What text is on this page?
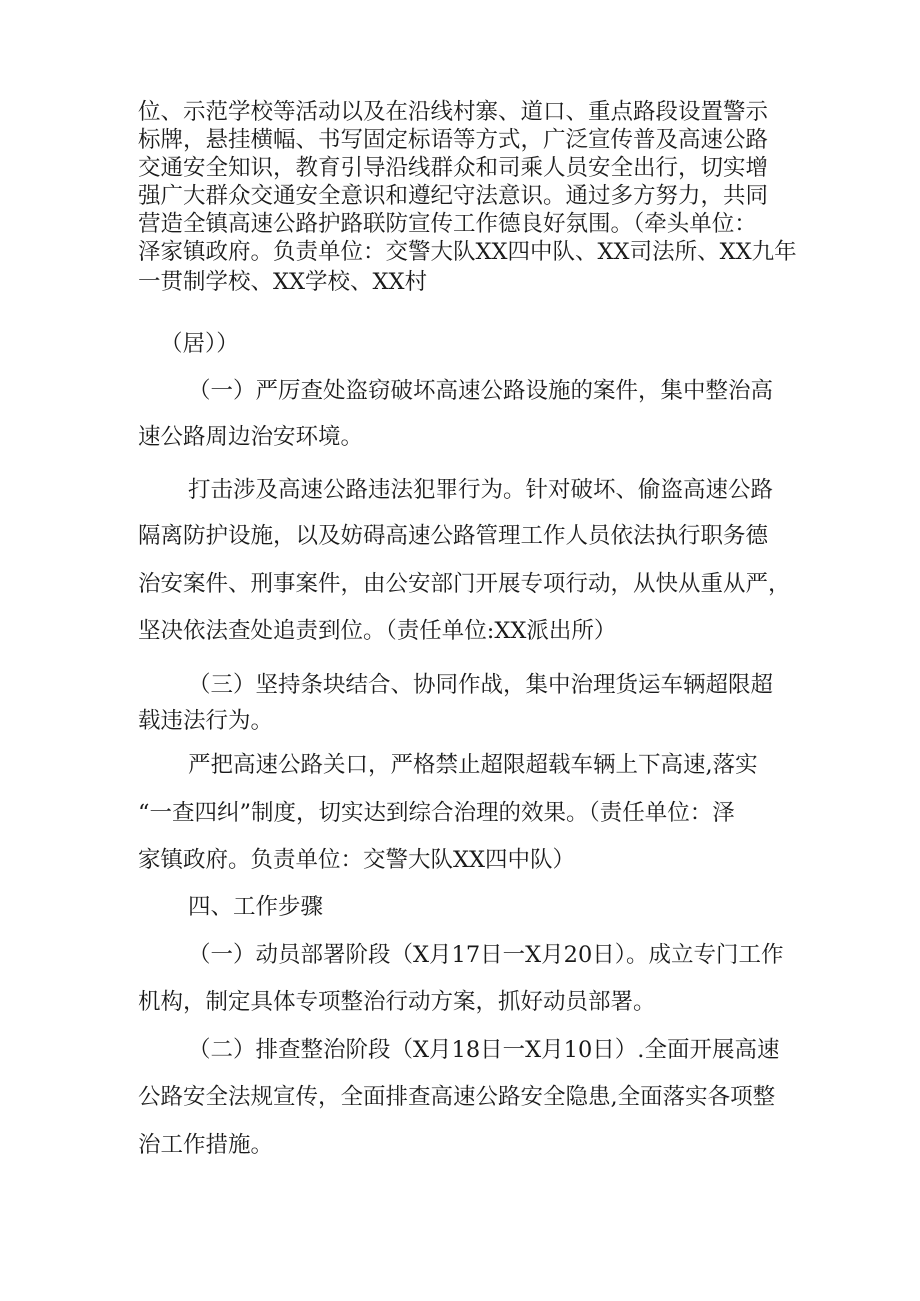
位、示范学校等活动以及在沿线村寨、道口、重点路段设置警示

标牌，悬挂横幅、书写固定标语等方式，广泛宣传普及高速公路

交通安全知识，教育引导沿线群众和司乘人员安全出行，切实增

强广大群众交通安全意识和遵纪守法意识。通过多方努力，共同

营造全镇高速公路护路联防宣传工作德良好氛围。（牵头单位：

泽家镇政府。负责单位：交警大队XX四中队、XX司法所、XX九年

一贯制学校、XX学校、XX村

（居））

（一）严厉查处盗窃破坏高速公路设施的案件，集中整治高

速公路周边治安环境。

打击涉及高速公路违法犯罪行为。针对破坏、偷盗高速公路

隔离防护设施，以及妨碍高速公路管理工作人员依法执行职务德

治安案件、刑事案件，由公安部门开展专项行动，从快从重从严，

坚决依法查处追责到位。（责任单位:XX派出所）

（三）坚持条块结合、协同作战，集中治理货运车辆超限超

载违法行为。

严把高速公路关口，严格禁止超限超载车辆上下高速,落实

“一查四纠”制度，切实达到综合治理的效果。（责任单位：泽

家镇政府。负责单位：交警大队XX四中队）

四、工作步骤

（一）动员部署阶段（X月17日一X月20日）。成立专门工作

机构，制定具体专项整治行动方案，抓好动员部署。

（二）排查整治阶段（X月18日一X月10日）.全面开展高速

公路安全法规宣传，全面排查高速公路安全隐患,全面落实各项整

治工作措施。
